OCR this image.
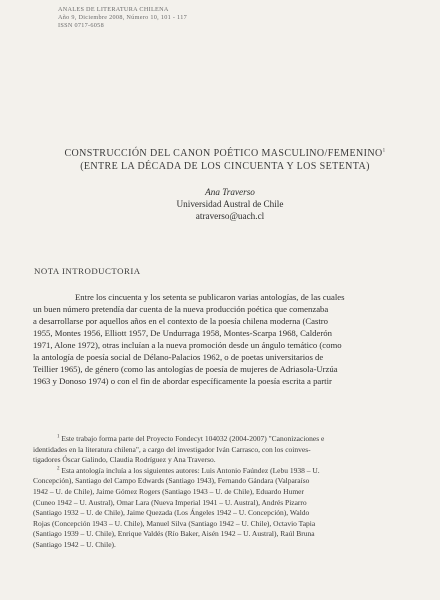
ANALES DE LITERATURA CHILENA
Año 9, Diciembre 2008, Número 10, 101 - 117
ISSN 0717-6058
CONSTRUCCIÓN DEL CANON POÉTICO MASCULINO/FEMENINO$^1$
(ENTRE LA DÉCADA DE LOS CINCUENTA Y LOS SETENTA)
Ana Traverso
Universidad Austral de Chile
atraverso@uach.cl
NOTA INTRODUCTORIA
Entre los cincuenta y los setenta se publicaron varias antologías, de las cuales
un buen número pretendía dar cuenta de la nueva producción poética que comenzaba
a desarrollarse por aquellos años en el contexto de la poesía chilena moderna (Castro
1955, Montes 1956, Elliott 1957, De Undurraga 1958, Montes-Scarpa 1968, Calderón
1971, Alone 1972), otras incluían a la nueva promoción desde un ángulo temático (como
la antología de poesía social de Délano-Palacios 1962, o de poetas universitarios de
Teillier 1965), de género (como las antologías de poesía de mujeres de Adriasola-Urzúa
1963 y Donoso 1974) o con el fin de abordar específicamente la poesía escrita a partir
$^1$ Este trabajo forma parte del Proyecto Fondecyt 104032 (2004-2007) "Canonizaciones e
identidades en la literatura chilena", a cargo del investigador Iván Carrasco, con los coinves-
tigadores Óscar Galindo, Claudia Rodríguez y Ana Traverso.
$^2$ Esta antología incluía a los siguientes autores: Luis Antonio Faúndez (Lebu 1938 – U.
Concepción), Santiago del Campo Edwards (Santiago 1943), Fernando Gándara (Valparaíso
1942 – U. de Chile), Jaime Gómez Rogers (Santiago 1943 – U. de Chile), Eduardo Humer
(Cuneo 1942 – U. Austral), Omar Lara (Nueva Imperial 1941 – U. Austral), Andrés Pizarro
(Santiago 1932 – U. de Chile), Jaime Quezada (Los Ángeles 1942 – U. Concepción), Waldo
Rojas (Concepción 1943 – U. Chile), Manuel Silva (Santiago 1942 – U. Chile), Octavio Tapia
(Santiago 1939 – U. Chile), Enrique Valdés (Río Baker, Aisén 1942 – U. Austral), Raúl Bruna
(Santiago 1942 – U. Chile).
